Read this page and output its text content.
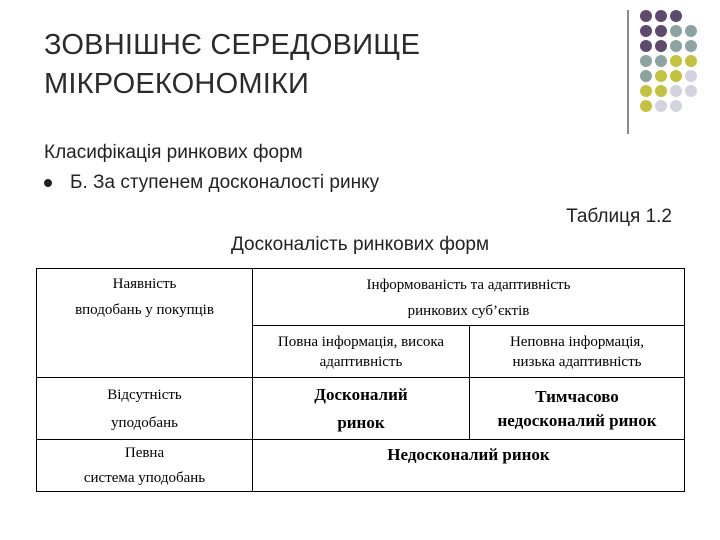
ЗОВНІШНЄ СЕРЕДОВИЩЕ
МІКРОЕКОНОМІКИ
Класифікація ринкових форм
Б. За ступенем досконалості ринку
Таблиця 1.2
Досконалість ринкових форм
Наявність
вподобань у покупців
Інформованість та адаптивність
ринкових суб’єктів
Повна інформація, висока
адаптивність
Неповна інформація,
низька адаптивність
Відсутність
уподобань
Досконалий
ринок
Тимчасово
недосконалий ринок
Певна
система уподобань
Недосконалий ринок
